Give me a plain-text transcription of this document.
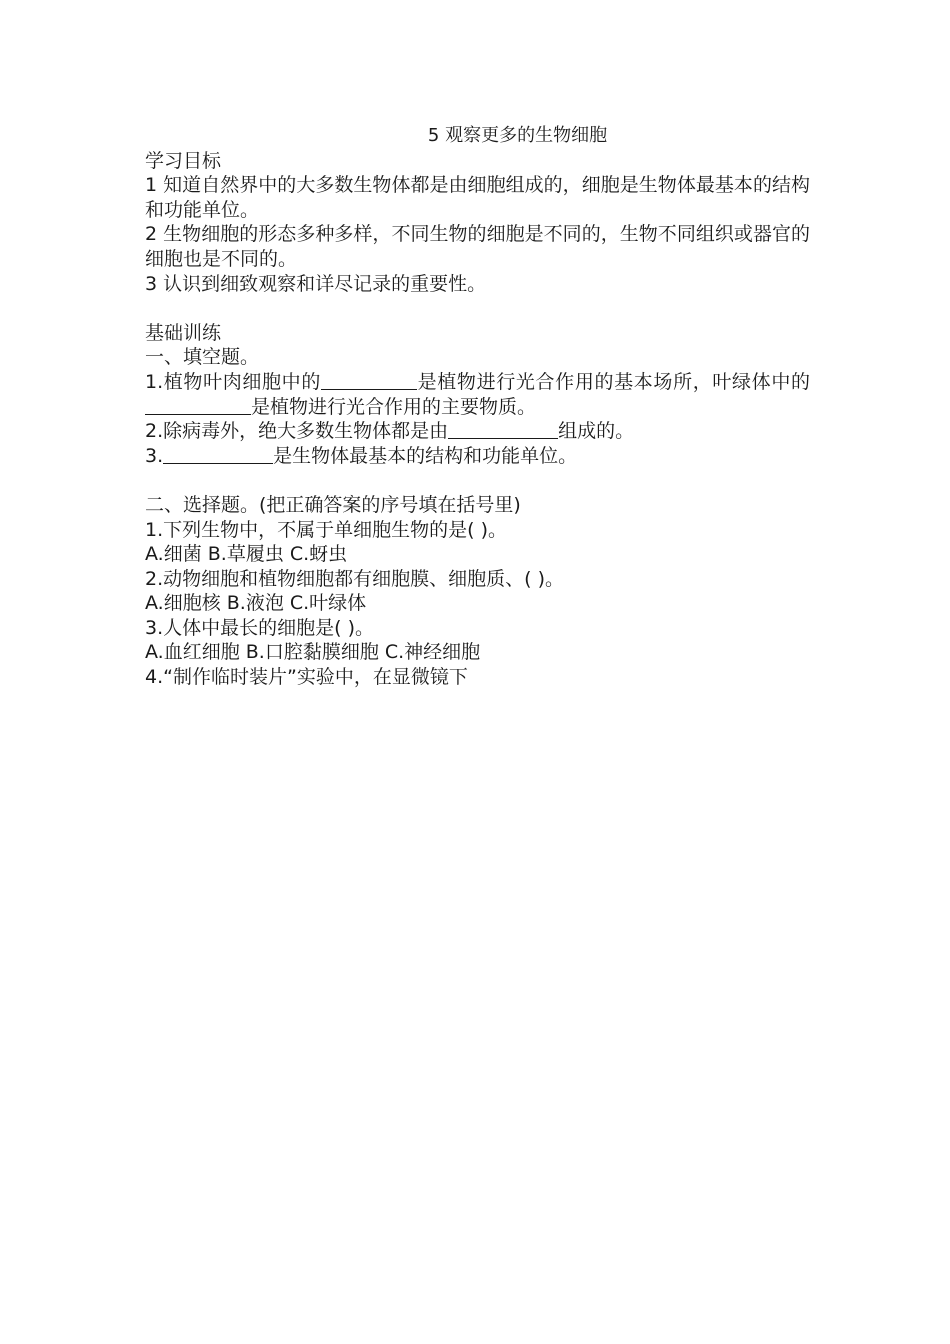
5 观察更多的生物细胞
学习目标
1 知道自然界中的大多数生物体都是由细胞组成的，细胞是生物体最基本的结构和功能单位。
2 生物细胞的形态多种多样，不同生物的细胞是不同的，生物不同组织或器官的细胞也是不同的。
3 认识到细致观察和详尽记录的重要性。
基础训练
一、填空题。
1.植物叶肉细胞中的	是植物进行光合作用的基本场所，叶绿体中的是植物进行光合作用的主要物质。
2.除病毒外，绝大多数生物体都是由	组成的。
3.	是生物体最基本的结构和功能单位。
二、选择题。(把正确答案的序号填在括号里)
1.下列生物中，不属于单细胞生物的是( )。
A.细菌 B.草履虫 C.蚜虫
2.动物细胞和植物细胞都有细胞膜、细胞质、( )。
A.细胞核 B.液泡 C.叶绿体
3.人体中最长的细胞是( )。
A.血红细胞 B.口腔黏膜细胞 C.神经细胞
4.“制作临时装片”实验中，在显微镜下
